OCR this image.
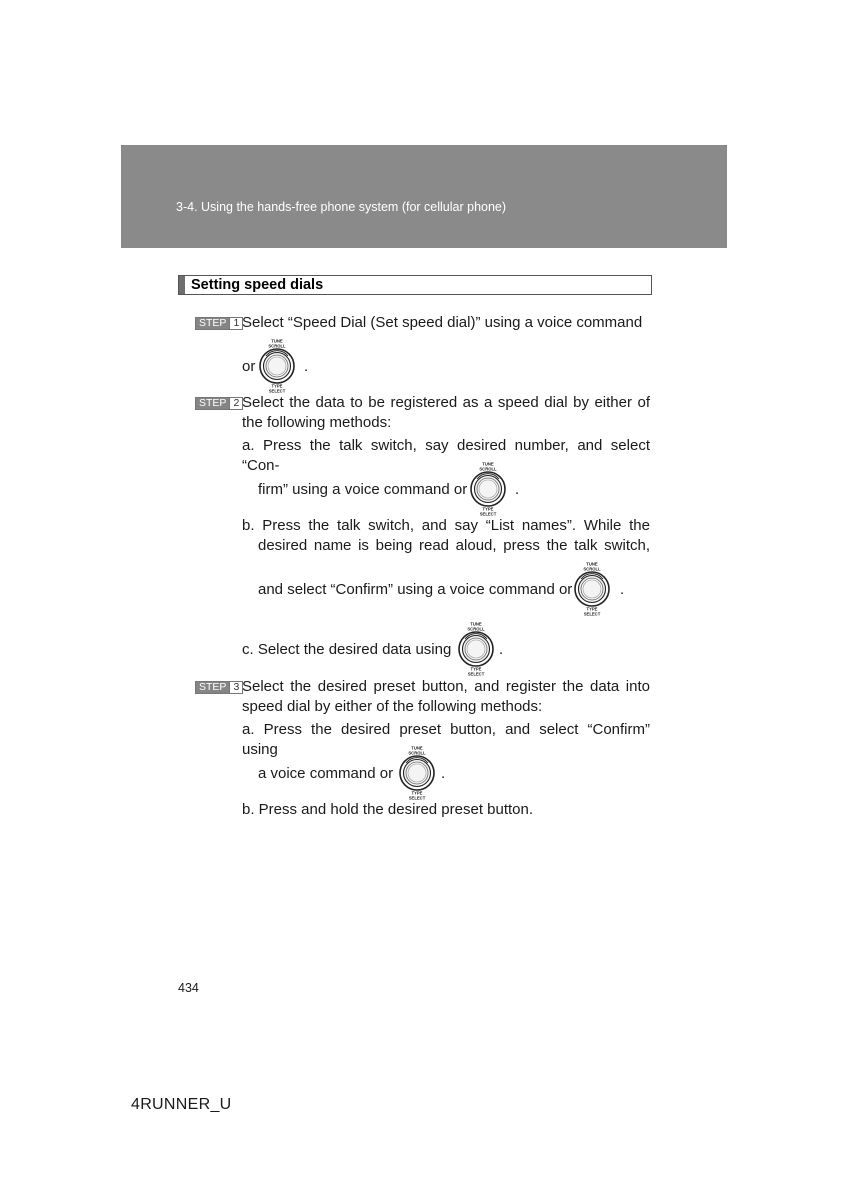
3-4. Using the hands-free phone system (for cellular phone)
Setting speed dials
STEP 1 Select “Speed Dial (Set speed dial)” using a voice command
or
TUNE
SCROLL
TYPE
SELECT
.
STEP 2 Select the data to be registered as a speed dial by either of
the following methods:
a. Press the talk switch, say desired number, and select “Con-
firm” using a voice command or
TUNE
SCROLL
TYPE
SELECT
.
b. Press the talk switch, and say “List names”. While the
desired name is being read aloud, press the talk switch,
and select “Confirm” using a voice command or
TUNE
SCROLL
TYPE
SELECT
.
c. Select the desired data using
TUNE
SCROLL
TYPE
SELECT
.
STEP 3 Select the desired preset button, and register the data into
speed dial by either of the following methods:
a. Press the desired preset button, and select “Confirm” using
a voice command or
TUNE
SCROLL
TYPE
SELECT
.
b. Press and hold the desired preset button.
434
4RUNNER_U
